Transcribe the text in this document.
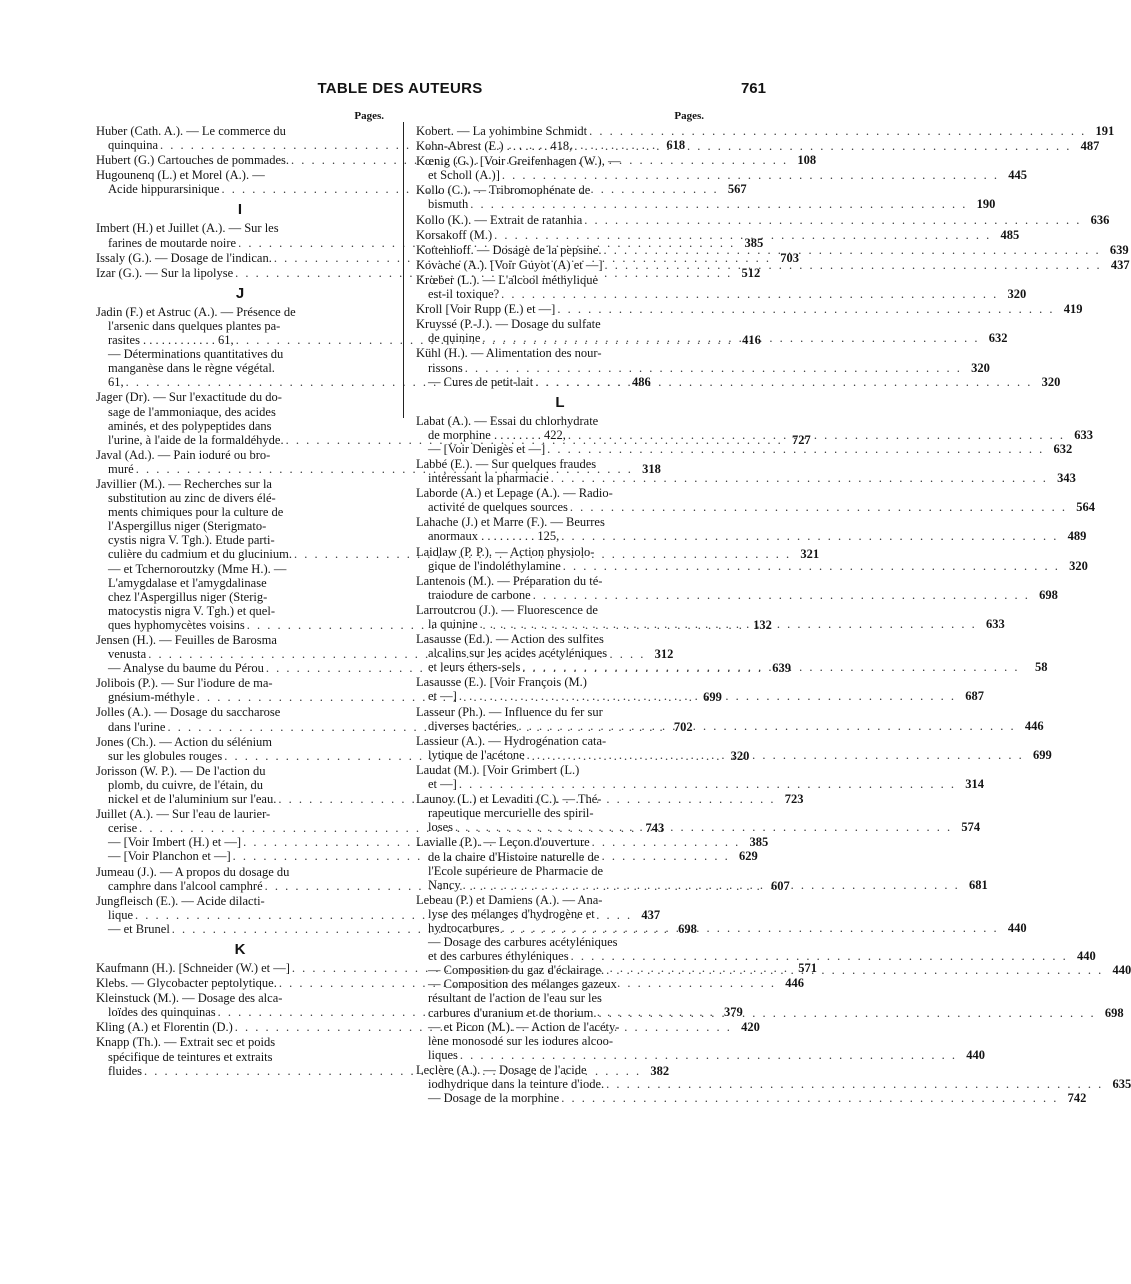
TABLE DES AUTEURS	761
Pages.
Huber (Cath. A.). — Le commerce du
quinquina . . .	618
Hubert (G.) Cartouches de pommades. . . .	108
Hugounenq (L.) et Morel (A.). —
Acide hippurarsinique . . .	567
I
Imbert (H.) et Juillet (A.). — Sur les
farines de moutarde noire . . .	385
Issaly (G.). — Dosage de l'indican. . . .	703
Izar (G.). — Sur la lipolyse . . .	512
J
Jadin (F.) et Astruc (A.). — Présence de
l'arsenic dans quelques plantes pa-
rasites . . . . . . . . . . . . 61, . . .	416
— Déterminations quantitatives du
manganèse dans le règne végétal.
61, . . .	486
Jager (Dr). — Sur l'exactitude du do-
sage de l'ammoniaque, des acides
aminés, et des polypeptides dans
l'urine, à l'aide de la formaldéhyde. . . .	727
Javal (Ad.). — Pain ioduré ou bro-
muré . . .	318
Javillier (M.). — Recherches sur la
substitution au zinc de divers élé-
ments chimiques pour la culture de
l'Aspergillus niger (Sterigmato-
cystis nigra V. Tgh.). Etude parti-
culière du cadmium et du glucinium. . . .	321
— et Tchernoroutzky (Mme H.). —
L'amygdalase et l'amygdalinase
chez l'Aspergillus niger (Sterig-
matocystis nigra V. Tgh.) et quel-
ques hyphomycètes voisins . . .	132
Jensen (H.). — Feuilles de Barosma
venusta . . .	312
— Analyse du baume du Pérou . . .	639
Jolibois (P.). — Sur l'iodure de ma-
gnésium-méthyle . . .	699
Jolles (A.). — Dosage du saccharose
dans l'urine . . .	702
Jones (Ch.). — Action du sélénium
sur les globules rouges . . .	320
Jorisson (W. P.). — De l'action du
plomb, du cuivre, de l'étain, du
nickel et de l'aluminium sur l'eau. . . .	723
Juillet (A.). — Sur l'eau de laurier-
cerise . . .	743
— [Voir Imbert (H.) et —] . . .	385
— [Voir Planchon et —] . . .	629
Jumeau (J.). — A propos du dosage du
camphre dans l'alcool camphré . . .	607
Jungfleisch (E.). — Acide dilacti-
lique . . .	437
— et Brunel . . .	698
K
Kaufmann (H.). [Schneider (W.) et —] . . .	571
Klebs. — Glycobacter peptolytique. . . .	446
Kleinstuck (M.). — Dosage des alca-
loïdes des quinquinas . . .	379
Kling (A.) et Florentin (D.) . . .	420
Knapp (Th.). — Extrait sec et poids
spécifique de teintures et extraits
fluides . . .	382
Pages.
Kobert. — La yohimbine Schmidt . . .	191
Kohn-Abrest (E.) . . . . . . . 418, . . .	487
Kœnig (G.). [Voir Greifenhagen (W.), —
et Scholl (A.)] . . .	445
Kollo (C.). — Tribromophénate de
bismuth . . .	190
Kollo (K.). — Extrait de ratanhia . . .	636
Korsakoff (M.) . . .	485
Kottenhoff. — Dosage de la pepsine. . . .	639
Kovache (A.). [Voir Guyot (A) et —] . . .	437
Krœber (L.). — L'alcool méthylique
est-il toxique? . . .	320
Kroll [Voir Rupp (E.) et —] . . .	419
Kruyssé (P.-J.). — Dosage du sulfate
de quinine . . .	632
Kühl (H.). — Alimentation des nour-
rissons . . .	320
— Cures de petit-lait . . .	320
L
Labat (A.). — Essai du chlorhydrate
de morphine . . . . . . . . 422, . . .	633
— [Voir Denigès et —] . . .	632
Labbé (E.). — Sur quelques fraudes
intéressant la pharmacie . . .	343
Laborde (A.) et Lepage (A.). — Radio-
activité de quelques sources . . .	564
Lahache (J.) et Marre (F.). — Beurres
anormaux . . . . . . . . . 125, . . .	489
Laidlaw (P. P.). — Action physiolo-
gique de l'indoléthylamine . . .	320
Lantenois (M.). — Préparation du té-
traiodure de carbone . . .	698
Larroutcrou (J.). — Fluorescence de
la quinine . . .	633
Lasausse (Ed.). — Action des sulfites
alcalins sur les acides acétyléniques
et leurs éthers-sels . . .	58
Lasausse (E.). [Voir François (M.)
et —] . . .	687
Lasseur (Ph.). — Influence du fer sur
diverses bactéries . . .	446
Lassieur (A.). — Hydrogénation cata-
lytique de l'acétone . . .	699
Laudat (M.). [Voir Grimbert (L.)
et —] . . .	314
Launoy (L.) et Levaditi (C.). — Thé-
rapeutique mercurielle des spiril-
loses . . .	574
Lavialle (P.). — Leçon d'ouverture
de la chaire d'Histoire naturelle de
l'Ecole supérieure de Pharmacie de
Nancy . . .	681
Lebeau (P.) et Damiens (A.). — Ana-
lyse des mélanges d'hydrogène et
hydrocarbures . . .	440
— Dosage des carbures acétyléniques
et des carbures éthyléniques . . .	440
— Composition du gaz d'éclairage. . . .	440
— Composition des mélanges gazeux
résultant de l'action de l'eau sur les
carbures d'uranium et de thorium. . . .	698
— et Picon (M.). — Action de l'acéty-
lène monosodé sur les iodures alcoo-
liques . . .	440
Leclère (A.). — Dosage de l'acide
iodhydrique dans la teinture d'iode. . . .	635
— Dosage de la morphine . . .	742
